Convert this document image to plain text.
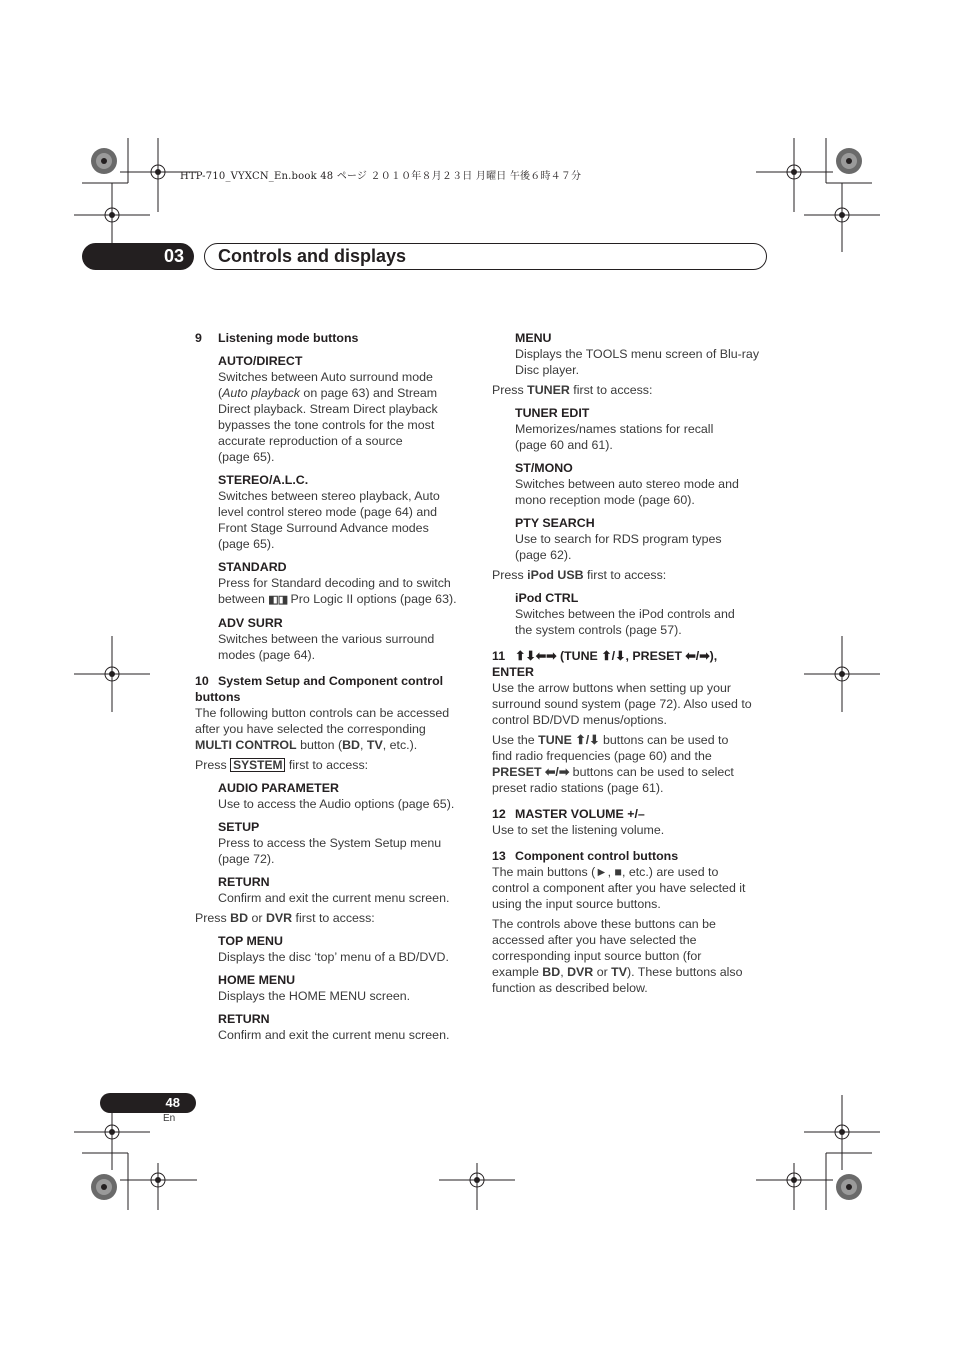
HTP-710_VYXCN_En.book 48 ページ ２０１０年８月２３日 月曜日 午後６時４７分
03	Controls and displays

9 Listening mode buttons

AUTO/DIRECT

Switches between Auto surround mode

(Auto playback on page 63) and Stream

Direct playback. Stream Direct playback

bypasses the tone controls for the most

accurate reproduction of a source

(page 65).

STEREO/A.L.C.

Switches between stereo playback, Auto

level control stereo mode (page 64) and

Front Stage Surround Advance modes

(page 65).

STANDARD

Press for Standard decoding and to switch

between ◧◨ Pro Logic II options (page 63).

ADV SURR

Switches between the various surround

modes (page 64).

10 System Setup and Component control

buttons

The following button controls can be accessed

after you have selected the corresponding

MULTI CONTROL button (BD, TV, etc.).

Press SYSTEM first to access:

AUDIO PARAMETER

Use to access the Audio options (page 65).

SETUP

Press to access the System Setup menu

(page 72).

RETURN

Confirm and exit the current menu screen.

Press BD or DVR first to access:

TOP MENU

Displays the disc ‘top’ menu of a BD/DVD.

HOME MENU

Displays the HOME MENU screen.

RETURN

Confirm and exit the current menu screen.

MENU

Displays the TOOLS menu screen of Blu-ray

Disc player.

Press TUNER first to access:

TUNER EDIT

Memorizes/names stations for recall

(page 60 and 61).

ST/MONO

Switches between auto stereo mode and

mono reception mode (page 60).

PTY SEARCH

Use to search for RDS program types

(page 62).

Press iPod USB first to access:

iPod CTRL

Switches between the iPod controls and

the system controls (page 57).

11 ⬆⬇⬅➡ (TUNE ⬆/⬇, PRESET ⬅/➡),

ENTER

Use the arrow buttons when setting up your

surround sound system (page 72). Also used to

control BD/DVD menus/options.

Use the TUNE ⬆/⬇ buttons can be used to

find radio frequencies (page 60) and the

PRESET ⬅/➡ buttons can be used to select

preset radio stations (page 61).

12 MASTER VOLUME +/–

Use to set the listening volume.

13 Component control buttons

The main buttons (►, ■, etc.) are used to

control a component after you have selected it

using the input source buttons.

The controls above these buttons can be

accessed after you have selected the

corresponding input source button (for

example BD, DVR or TV). These buttons also

function as described below.

48
En
